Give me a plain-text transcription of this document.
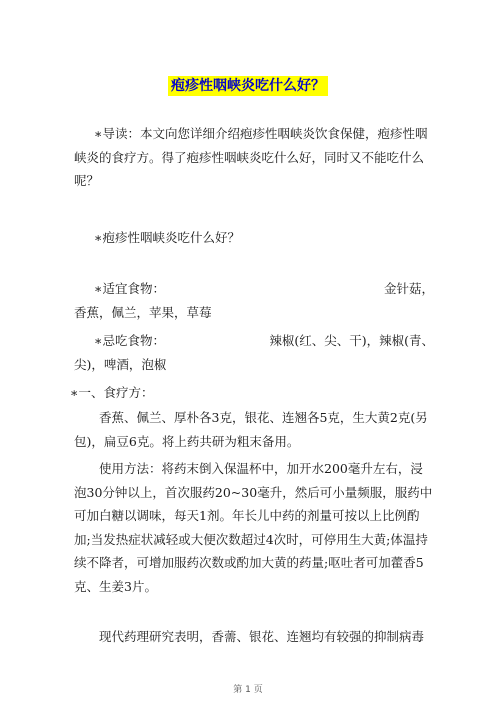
疱疹性咽峡炎吃什么好？

∗导读：本文向您详细介绍疱疹性咽峡炎饮食保健，疱疹性咽峡炎的食疗方。得了疱疹性咽峡炎吃什么好，同时又不能吃什么呢？

∗疱疹性咽峡炎吃什么好？

∗适宜食物：	金针菇，
香蕉，佩兰，苹果，草莓
∗忌吃食物：	辣椒(红、尖、干)，辣椒(青、
尖)，啤酒，泡椒

∗一、食疗方：

香蕉、佩兰、厚朴各3克，银花、连翘各5克，生大黄2克(另包)，扁豆6克。将上药共研为粗末备用。

使用方法：将药末倒入保温杯中，加开水200毫升左右，浸泡30分钟以上，首次服药20~30毫升，然后可小量频服，服药中可加白糖以调味，每天1剂。年长儿中药的剂量可按以上比例酌加;当发热症状减轻或大便次数超过4次时，可停用生大黄;体温持续不降者，可增加服药次数或酌加大黄的药量;呕吐者可加藿香5克、生姜3片。

现代药理研究表明，香薷、银花、连翘均有较强的抑制病毒

第 1 页
